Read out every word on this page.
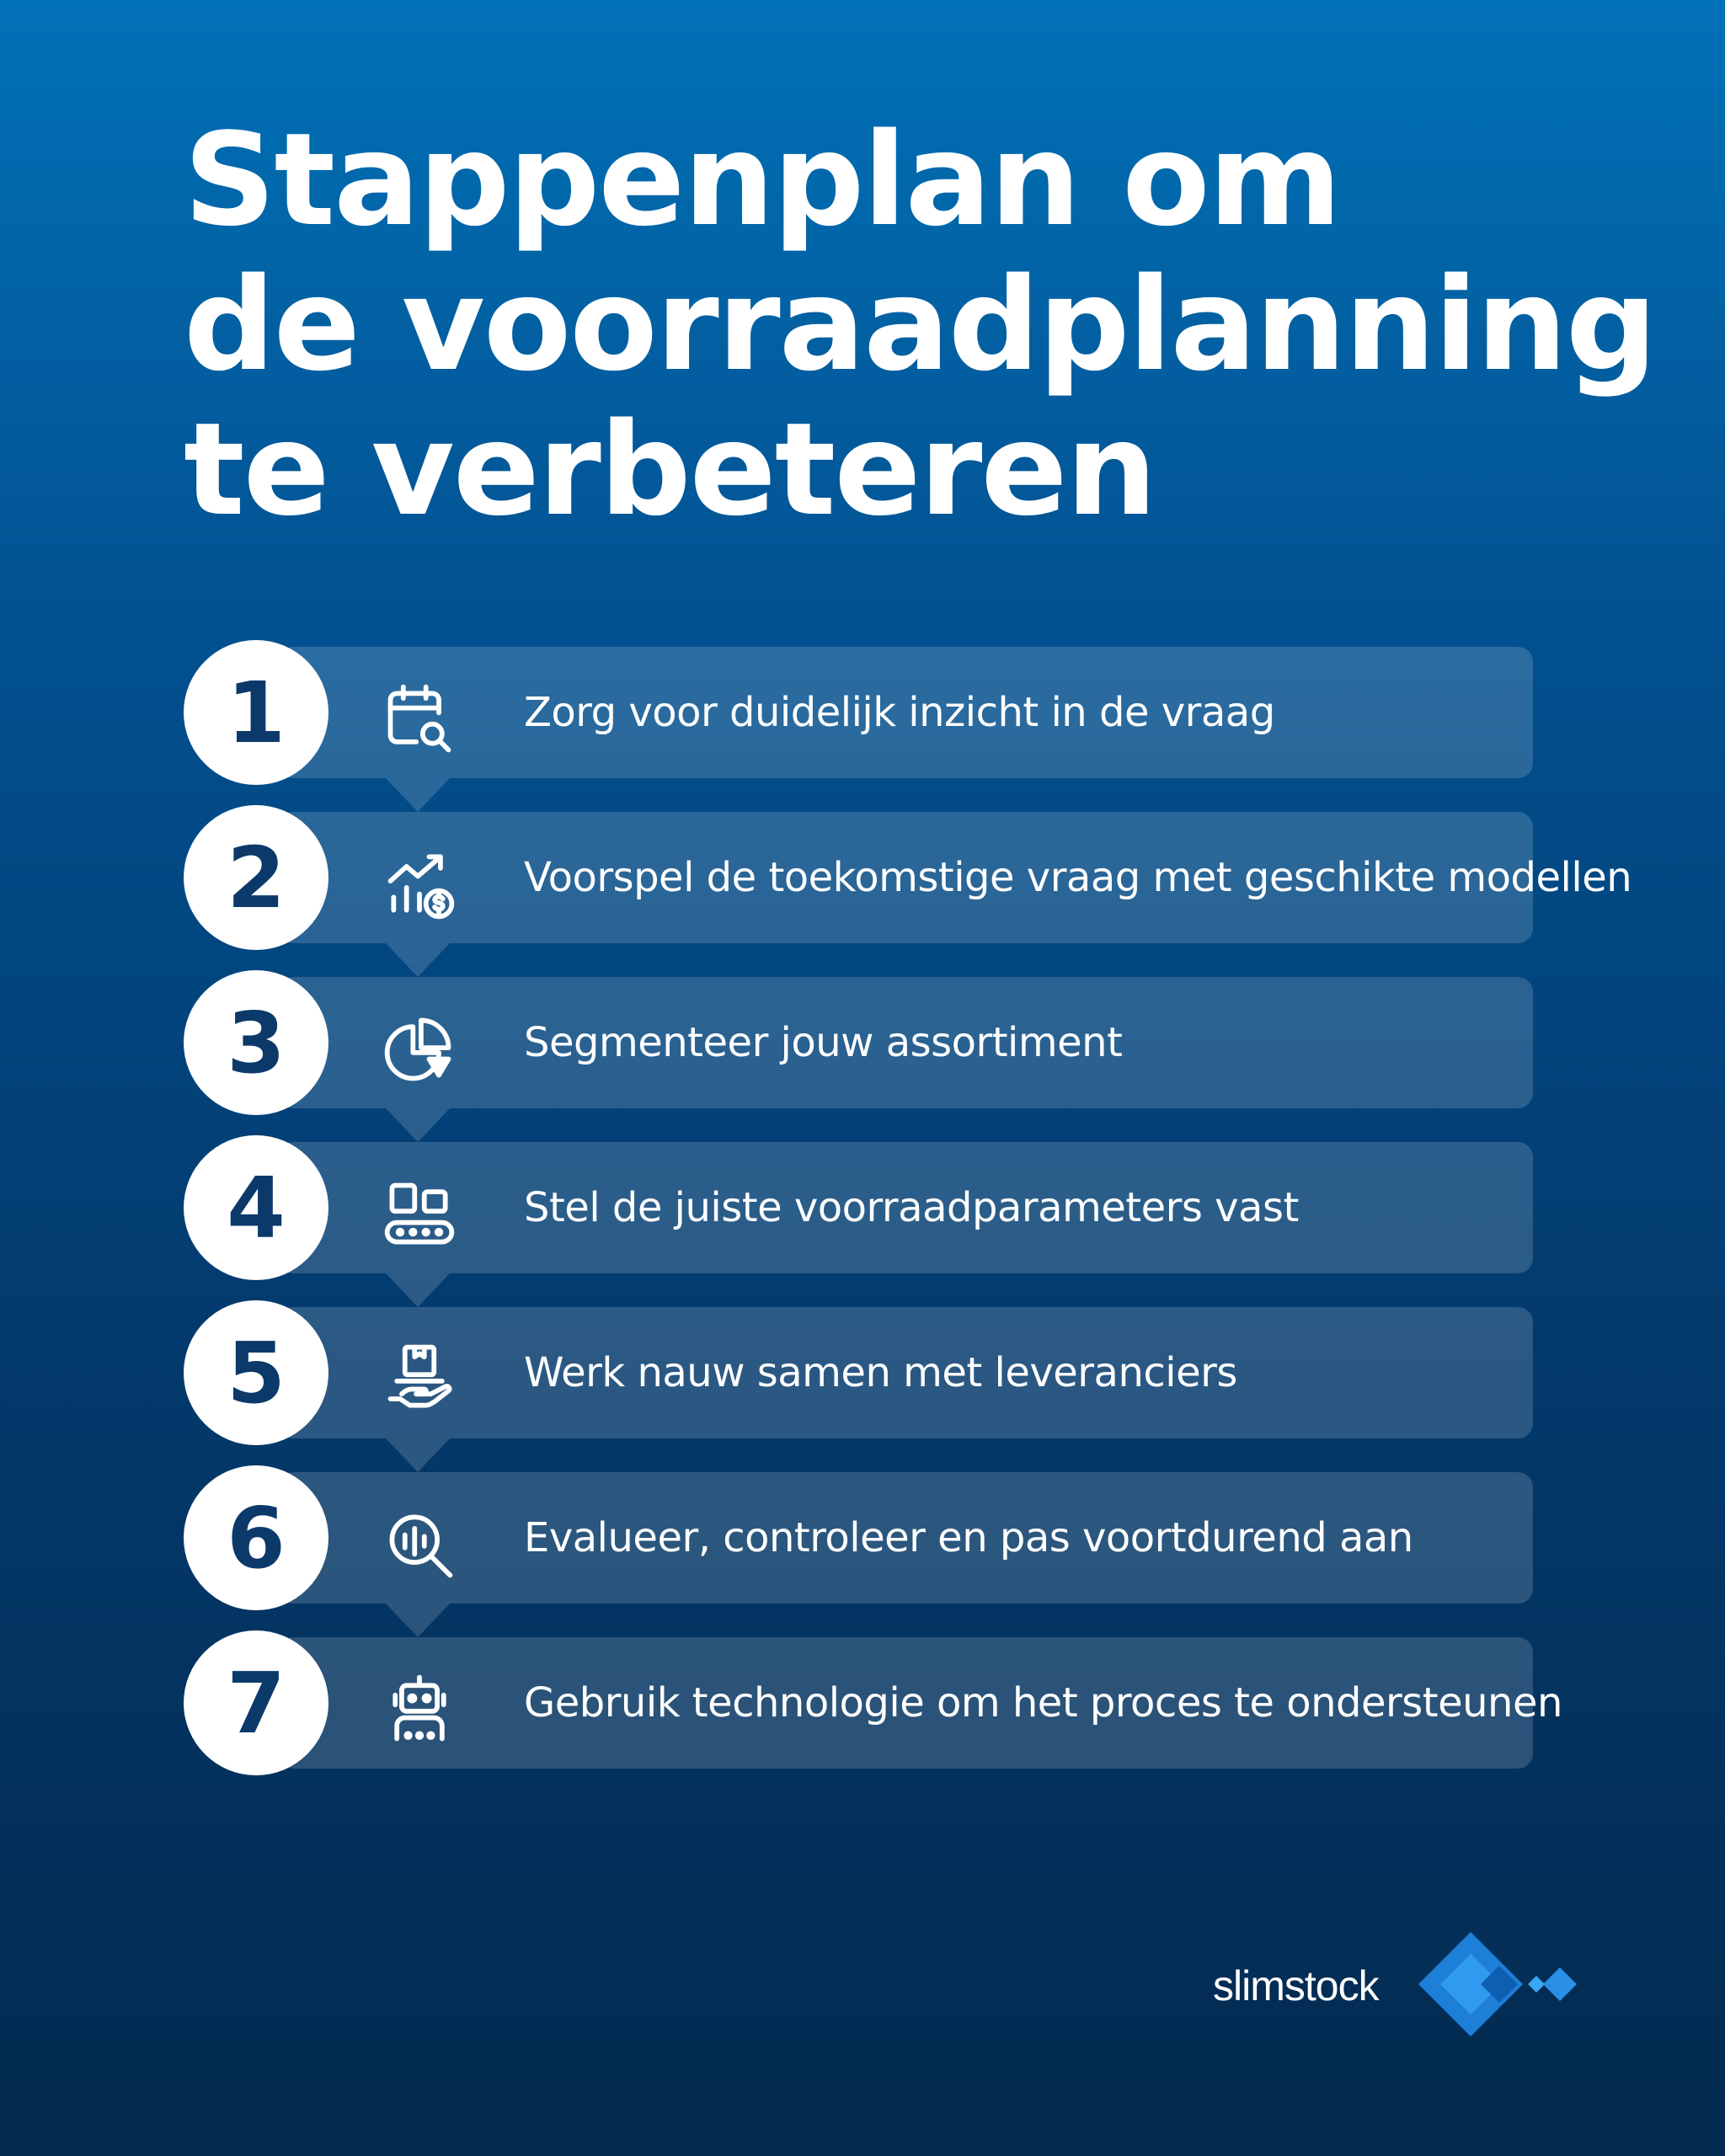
Stappenplan om
de voorraadplanning
te verbeteren
1	Zorg voor duidelijk inzicht in de vraag
2	Voorspel de toekomstige vraag met geschikte modellen
3	Segmenteer jouw assortiment
4	Stel de juiste voorraadparameters vast
5	Werk nauw samen met leveranciers
6	Evalueer, controleer en pas voortdurend aan
7	Gebruik technologie om het proces te ondersteunen
slimstock
